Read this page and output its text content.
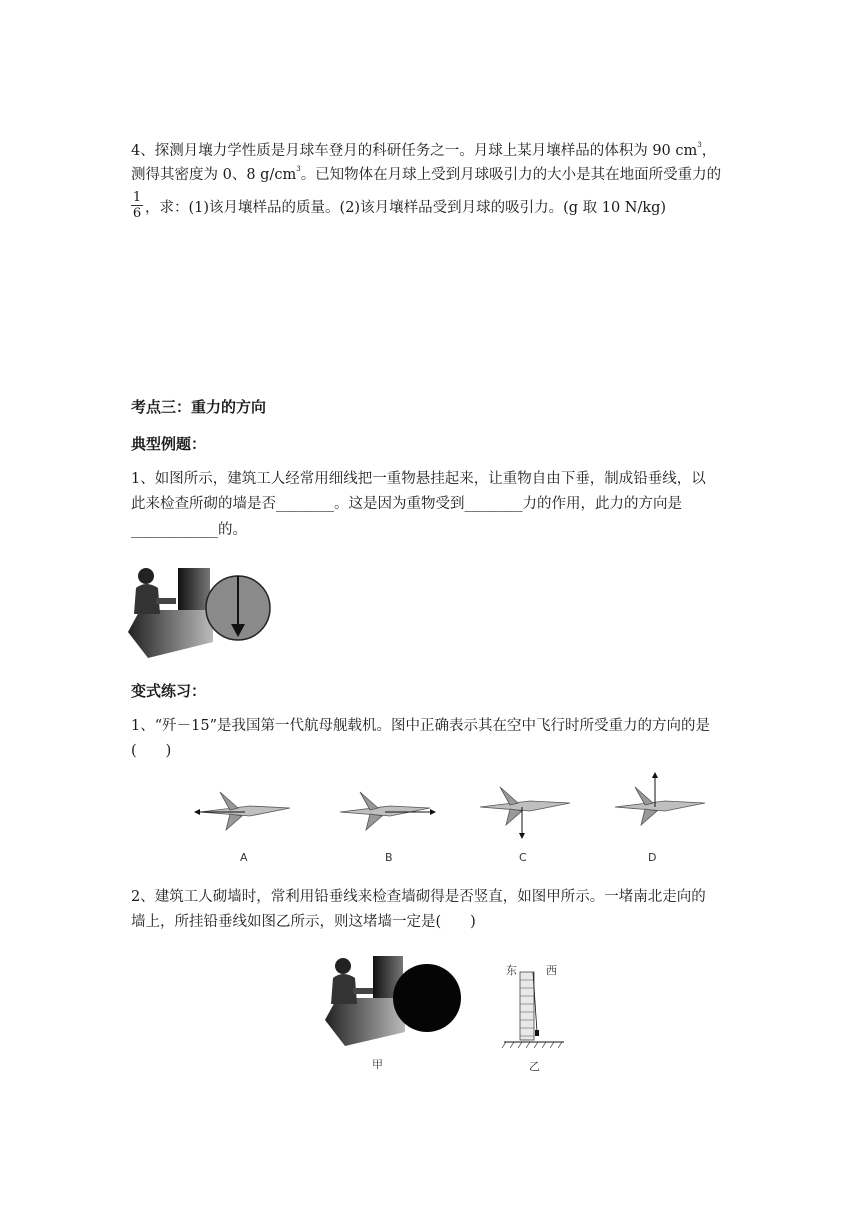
4、探测月壤力学性质是月球车登月的科研任务之一。月球上某月壤样品的体积为 90 $cm^3$，
测得其密度为 0、8 $g/cm^3$。已知物体在月球上受到月球吸引力的大小是其在地面所受重力的
$\frac{1}{6}$ ，求：(1)该月壤样品的质量。(2)该月壤样品受到月球的吸引力。(g 取 10 N/kg)
考点三：重力的方向
典型例题：
1、如图所示，建筑工人经常用细线把一重物悬挂起来，让重物自由下垂，制成铅垂线，以
此来检查所砌的墙是否________。这是因为重物受到________力的作用，此力的方向是
____________的。
变式练习：
1、“歼－15”是我国第一代航母舰载机。图中正确表示其在空中飞行时所受重力的方向的是
(　　)
A	B	C	D
2、建筑工人砌墙时，常利用铅垂线来检查墙砌得是否竖直，如图甲所示。一堵南北走向的
墙上，所挂铅垂线如图乙所示，则这堵墙一定是(　　)
甲
东	西
乙
